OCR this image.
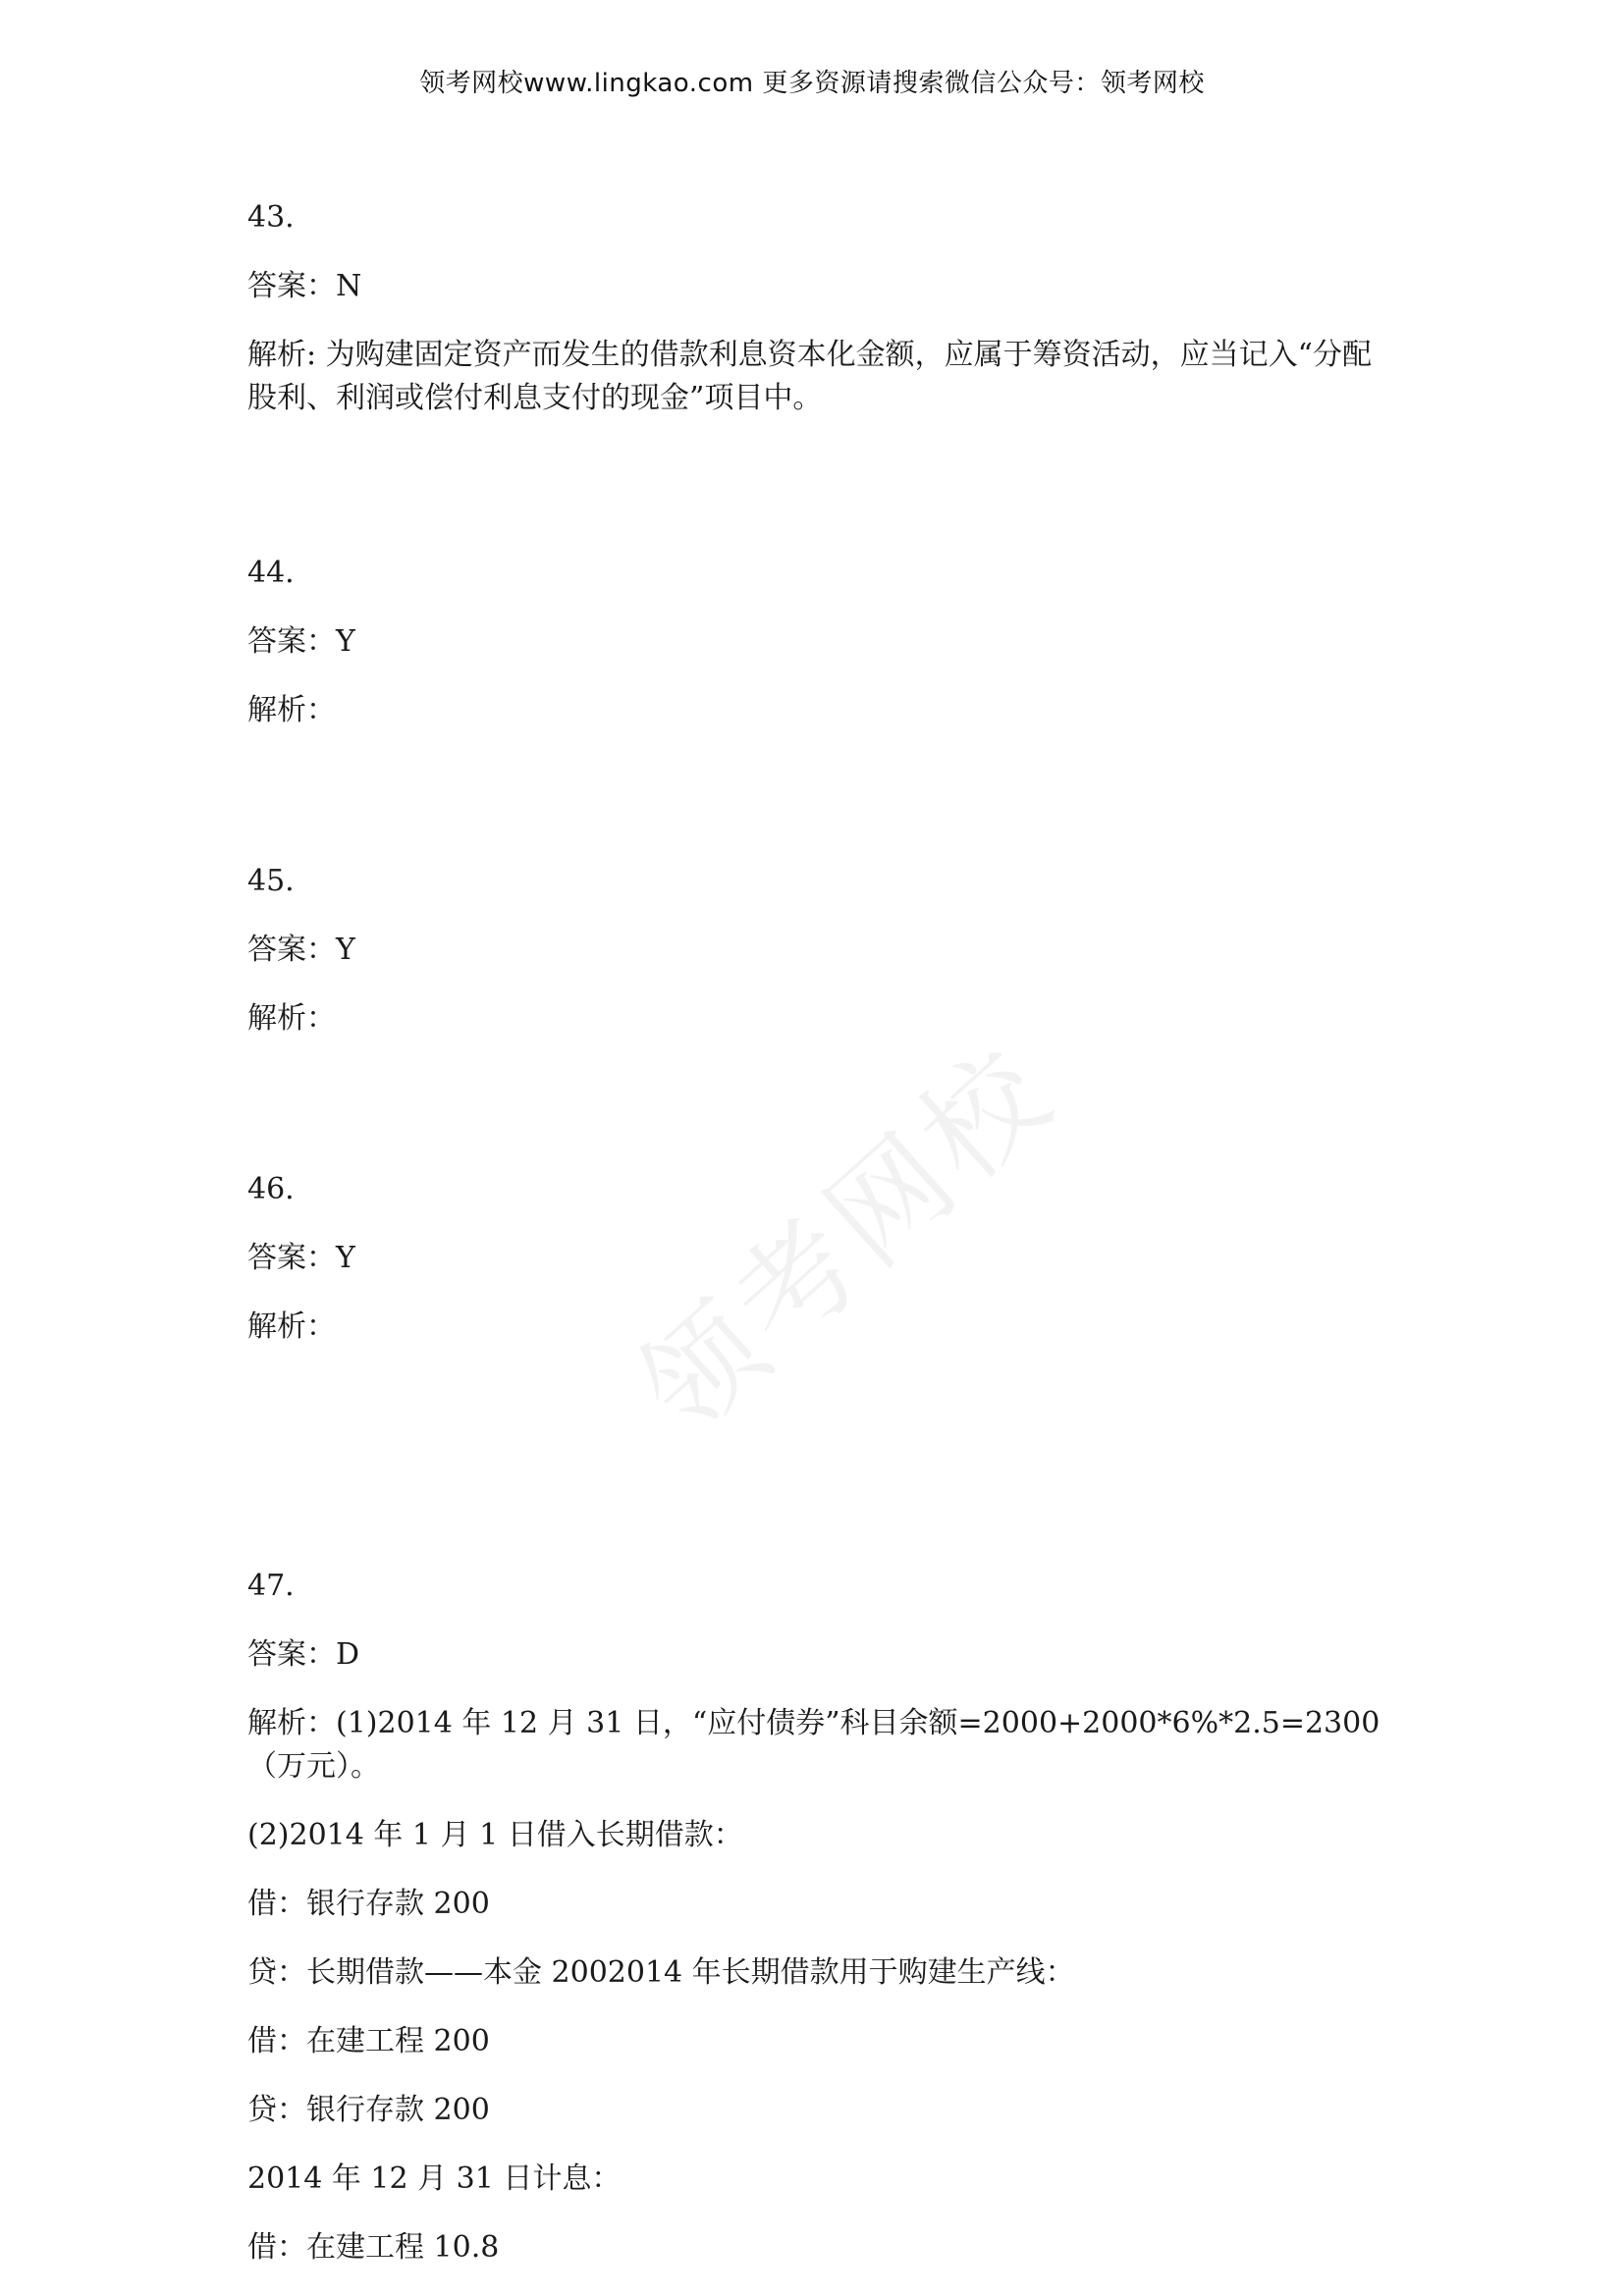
领考网校www.lingkao.com 更多资源请搜索微信公众号：领考网校
领考网校
43.
答案：N
解析: 为购建固定资产而发生的借款利息资本化金额，应属于筹资活动，应当记入“分配股利、利润或偿付利息支付的现金”项目中。
44.
答案：Y
解析：
45.
答案：Y
解析：
46.
答案：Y
解析：
47.
答案：D
解析：(1)2014 年 12 月 31 日，“应付债券”科目余额=2000+2000*6%*2.5=2300（万元）。
(2)2014 年 1 月 1 日借入长期借款：
借：银行存款 200
贷：长期借款——本金 2002014 年长期借款用于购建生产线：
借：在建工程 200
贷：银行存款 200
2014 年 12 月 31 日计息：
借：在建工程 10.8
